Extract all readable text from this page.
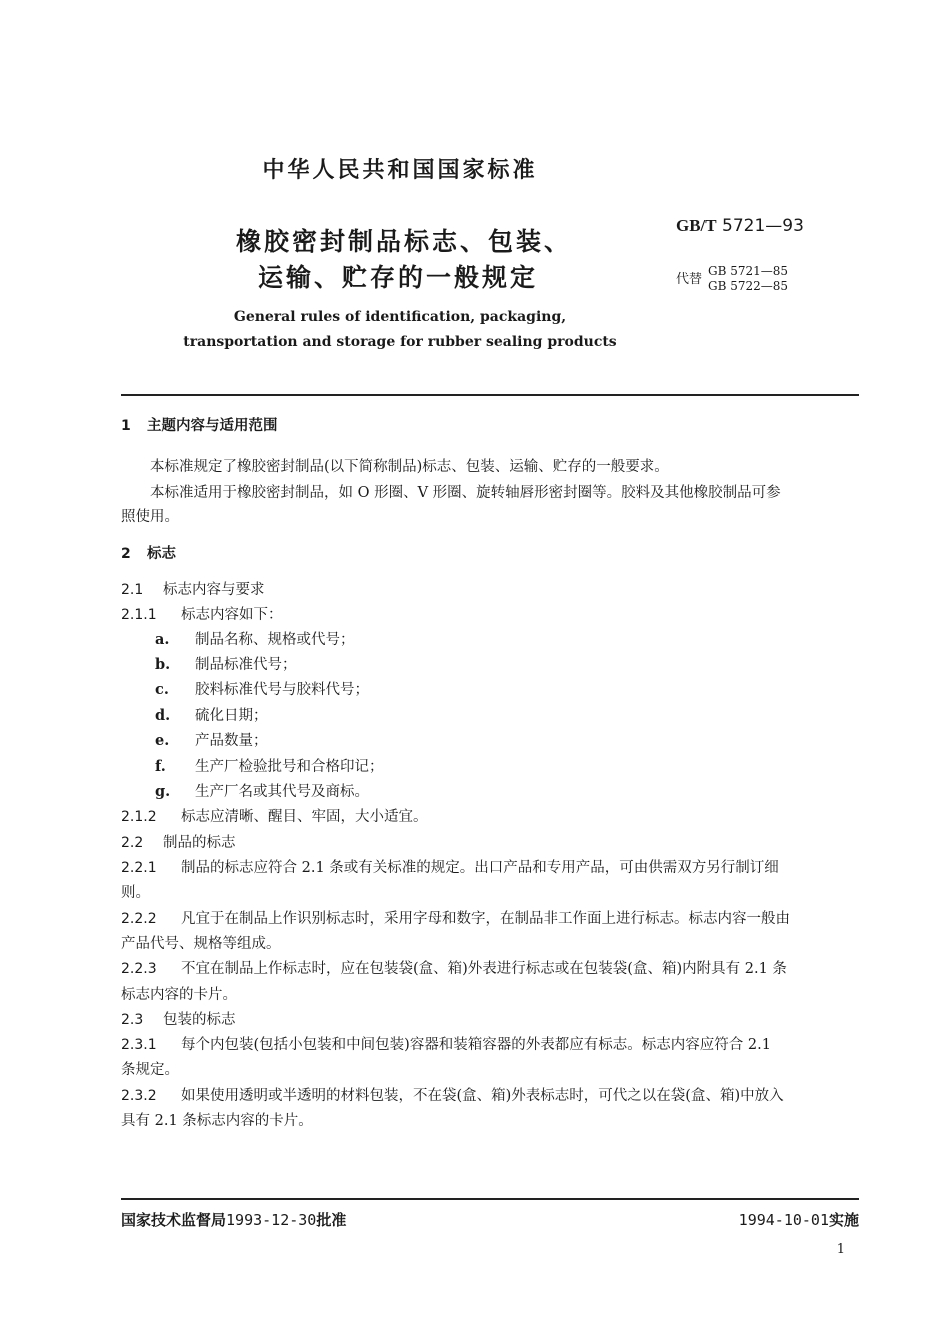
中华人民共和国国家标准
橡胶密封制品标志、包装、
运输、贮存的一般规定
General rules of identification, packaging,
transportation and storage for rubber sealing products
GB/T 5721—93
代替
GB 5721—85
GB 5722—85
1 主题内容与适用范围
本标准规定了橡胶密封制品(以下简称制品)标志、包装、运输、贮存的一般要求。
本标准适用于橡胶密封制品，如 O 形圈、V 形圈、旋转轴唇形密封圈等。胶料及其他橡胶制品可参
照使用。
2 标志
2.1 标志内容与要求
2.1.1 标志内容如下：
a. 制品名称、规格或代号；
b. 制品标准代号；
c. 胶料标准代号与胶料代号；
d. 硫化日期；
e. 产品数量；
f. 生产厂检验批号和合格印记；
g. 生产厂名或其代号及商标。
2.1.2 标志应清晰、醒目、牢固，大小适宜。
2.2 制品的标志
2.2.1 制品的标志应符合 2.1 条或有关标准的规定。出口产品和专用产品，可由供需双方另行制订细
则。
2.2.2 凡宜于在制品上作识别标志时，采用字母和数字，在制品非工作面上进行标志。标志内容一般由
产品代号、规格等组成。
2.2.3 不宜在制品上作标志时，应在包装袋(盒、箱)外表进行标志或在包装袋(盒、箱)内附具有 2.1 条
标志内容的卡片。
2.3 包装的标志
2.3.1 每个内包装(包括小包装和中间包装)容器和装箱容器的外表都应有标志。标志内容应符合 2.1
条规定。
2.3.2 如果使用透明或半透明的材料包装，不在袋(盒、箱)外表标志时，可代之以在袋(盒、箱)中放入
具有 2.1 条标志内容的卡片。
国家技术监督局1993-12-30批准	1994-10-01实施
1
